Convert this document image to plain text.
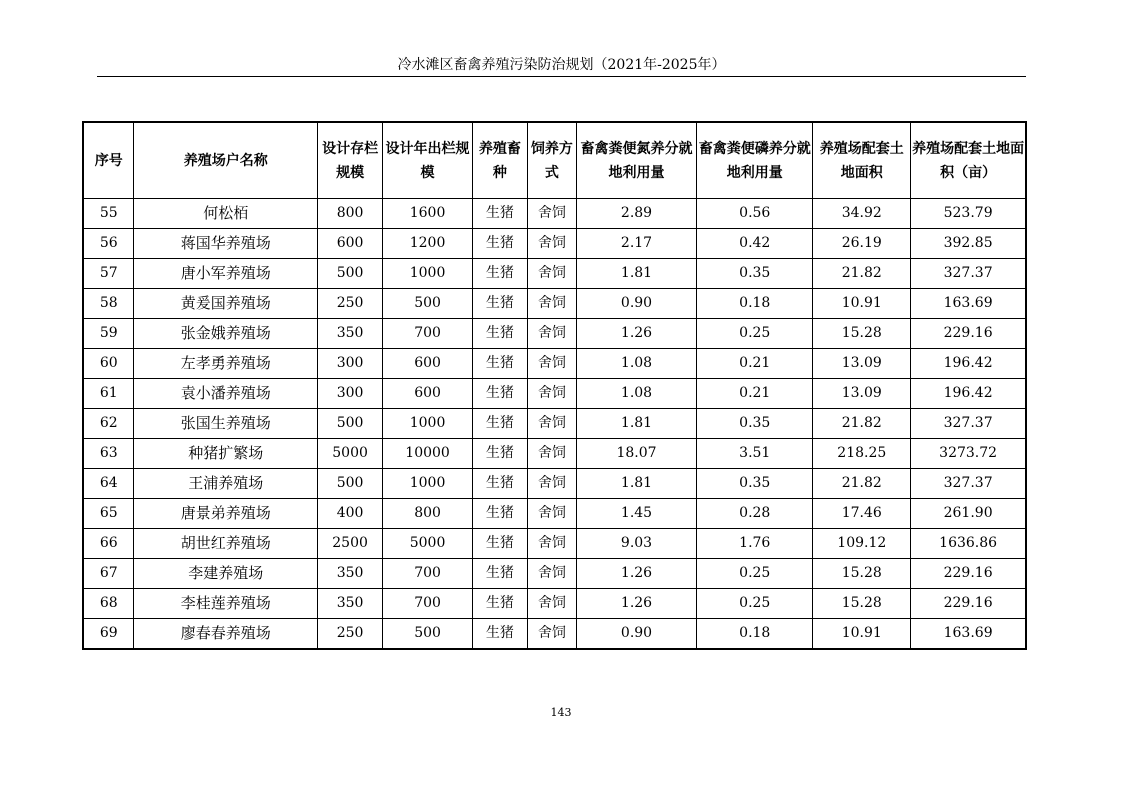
冷水滩区畜禽养殖污染防治规划（2021年-2025年）
序号	养殖场户名称	设计存栏规模	设计年出栏规模	养殖畜种	饲养方式	畜禽粪便氮养分就地利用量	畜禽粪便磷养分就地利用量	养殖场配套土地面积	养殖场配套土地面积（亩）
55	何松栢	800	1600	生猪	舍饲	2.89	0.56	34.92	523.79
56	蒋国华养殖场	600	1200	生猪	舍饲	2.17	0.42	26.19	392.85
57	唐小军养殖场	500	1000	生猪	舍饲	1.81	0.35	21.82	327.37
58	黄爰国养殖场	250	500	生猪	舍饲	0.90	0.18	10.91	163.69
59	张金娥养殖场	350	700	生猪	舍饲	1.26	0.25	15.28	229.16
60	左孝勇养殖场	300	600	生猪	舍饲	1.08	0.21	13.09	196.42
61	袁小潘养殖场	300	600	生猪	舍饲	1.08	0.21	13.09	196.42
62	张国生养殖场	500	1000	生猪	舍饲	1.81	0.35	21.82	327.37
63	种猪扩繁场	5000	10000	生猪	舍饲	18.07	3.51	218.25	3273.72
64	王浦养殖场	500	1000	生猪	舍饲	1.81	0.35	21.82	327.37
65	唐景弟养殖场	400	800	生猪	舍饲	1.45	0.28	17.46	261.90
66	胡世红养殖场	2500	5000	生猪	舍饲	9.03	1.76	109.12	1636.86
67	李建养殖场	350	700	生猪	舍饲	1.26	0.25	15.28	229.16
68	李桂莲养殖场	350	700	生猪	舍饲	1.26	0.25	15.28	229.16
69	廖春春养殖场	250	500	生猪	舍饲	0.90	0.18	10.91	163.69
143
